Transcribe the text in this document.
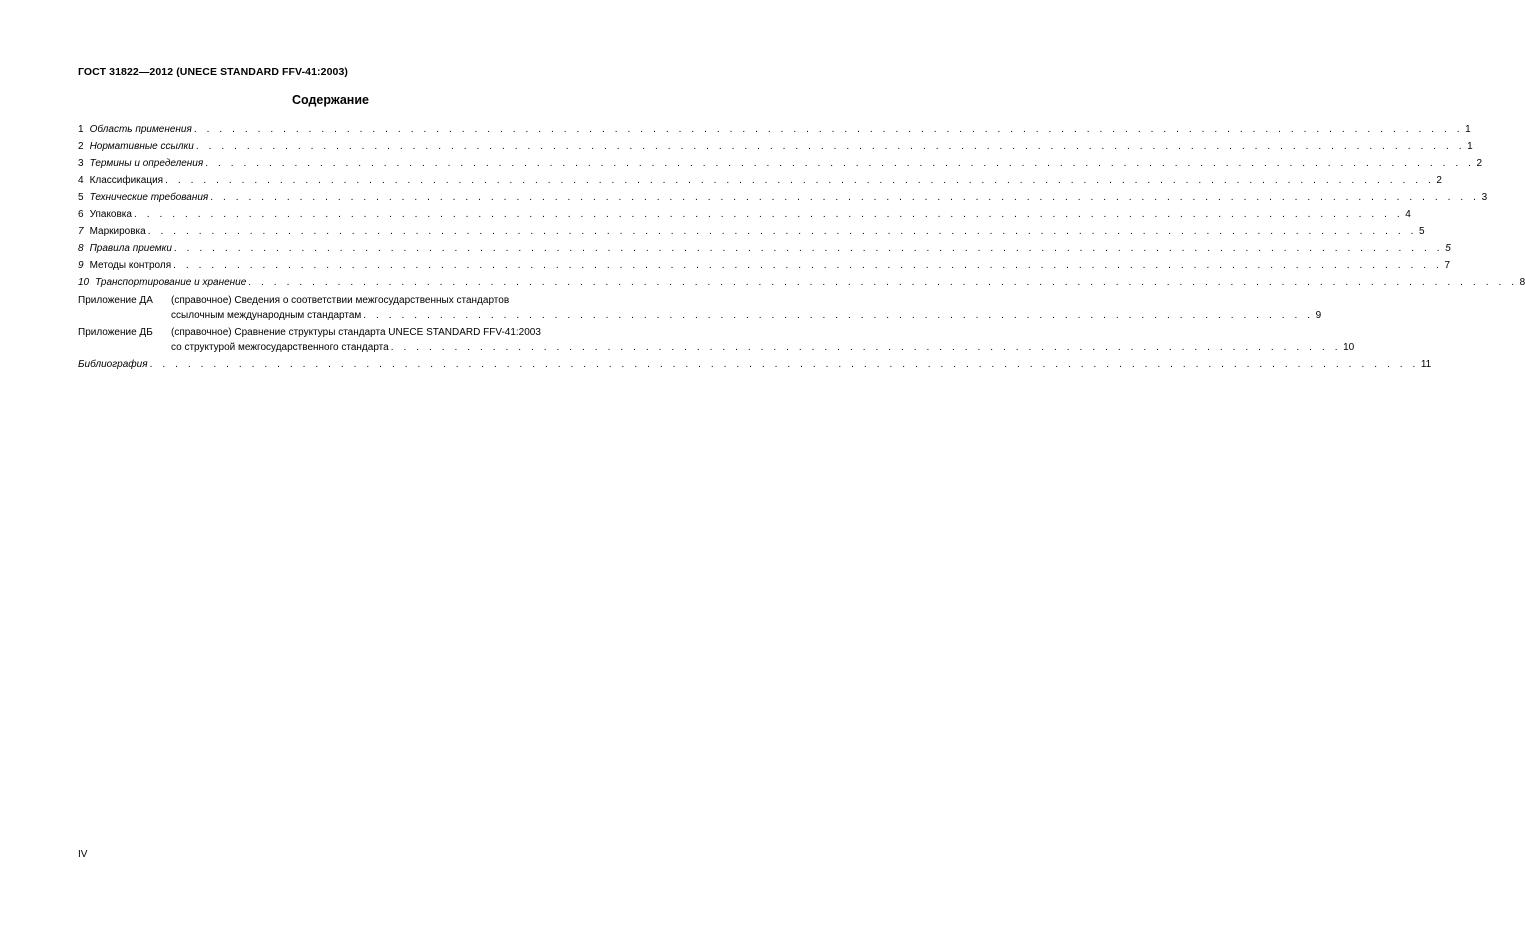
ГОСТ 31822—2012 (UNECE STANDARD FFV-41:2003)
Содержание
1 Область применения . . .	1
2 Нормативные ссылки . . .	1
3 Термины и определения . . .	2
4 Классификация . . .	2
5 Технические требования . . .	3
6 Упаковка . . .	4
7 Маркировка . . .	5
8 Правила приемки . . .	5
9 Методы контроля . . .	7
10 Транспортирование и хранение . . .	8
Приложение ДА	(справочное) Сведения о соответствии межгосударственных стандартов
ссылочным международным стандартам . . .	9
Приложение ДБ	(справочное) Сравнение структуры стандарта UNECE STANDARD FFV-41:2003
со структурой межгосударственного стандарта . . .	10
Библиография . . .	11
IV
